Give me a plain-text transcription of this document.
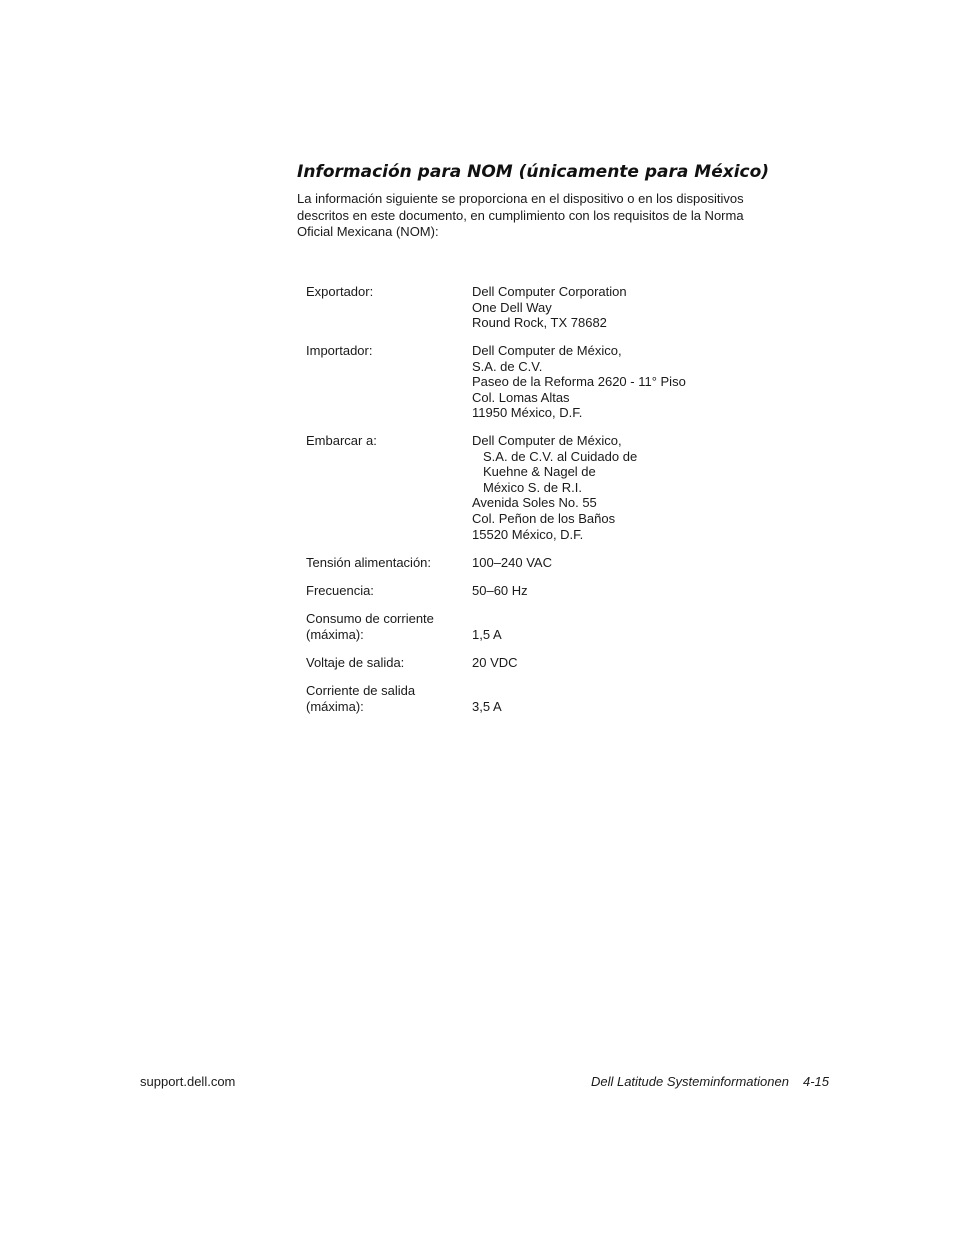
Información para NOM (únicamente para México)

La información siguiente se proporciona en el dispositivo o en los dispositivos
descritos en este documento, en cumplimiento con los requisitos de la Norma
Oficial Mexicana (NOM):

Exportador:	Dell Computer Corporation
One Dell Way
Round Rock, TX 78682
Importador:	Dell Computer de México,
S.A. de C.V.
Paseo de la Reforma 2620 - 11° Piso
Col. Lomas Altas
11950 México, D.F.
Embarcar a:	Dell Computer de México,
S.A. de C.V. al Cuidado de
Kuehne & Nagel de
México S. de R.I.
Avenida Soles No. 55
Col. Peñon de los Baños
15520 México, D.F.
Tensión alimentación:	100–240 VAC
Frecuencia:	50–60 Hz
Consumo de corriente
(máxima):	1,5 A
Voltaje de salida:	20 VDC
Corriente de salida
(máxima):	3,5 A
support.dell.com	Dell Latitude Systeminformationen 4-15
